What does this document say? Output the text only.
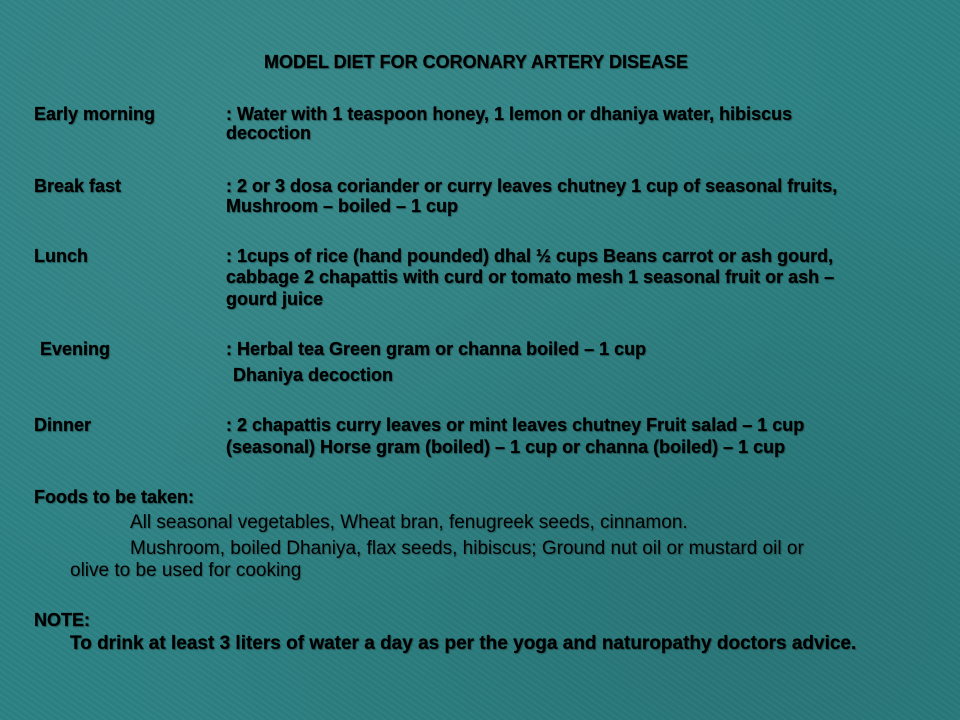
MODEL DIET FOR CORONARY ARTERY DISEASE
Early morning	: Water with 1 teaspoon honey, 1 lemon or dhaniya water, hibiscus
decoction
Break fast	: 2 or 3 dosa coriander or curry leaves chutney 1 cup of seasonal fruits,
Mushroom – boiled – 1 cup
Lunch	: 1cups of rice (hand pounded) dhal ½ cups Beans carrot or ash gourd,
cabbage 2 chapattis with curd or tomato mesh 1 seasonal fruit or ash –
gourd juice
Evening	: Herbal tea Green gram or channa boiled – 1 cup
Dhaniya decoction
Dinner	: 2 chapattis curry leaves or mint leaves chutney Fruit salad – 1 cup
(seasonal) Horse gram (boiled) – 1 cup or channa (boiled) – 1 cup
Foods to be taken:
All seasonal vegetables, Wheat bran, fenugreek seeds, cinnamon.
Mushroom, boiled Dhaniya, flax seeds, hibiscus; Ground nut oil or mustard oil or
olive to be used for cooking
NOTE:
To drink at least 3 liters of water a day as per the yoga and naturopathy doctors advice.
